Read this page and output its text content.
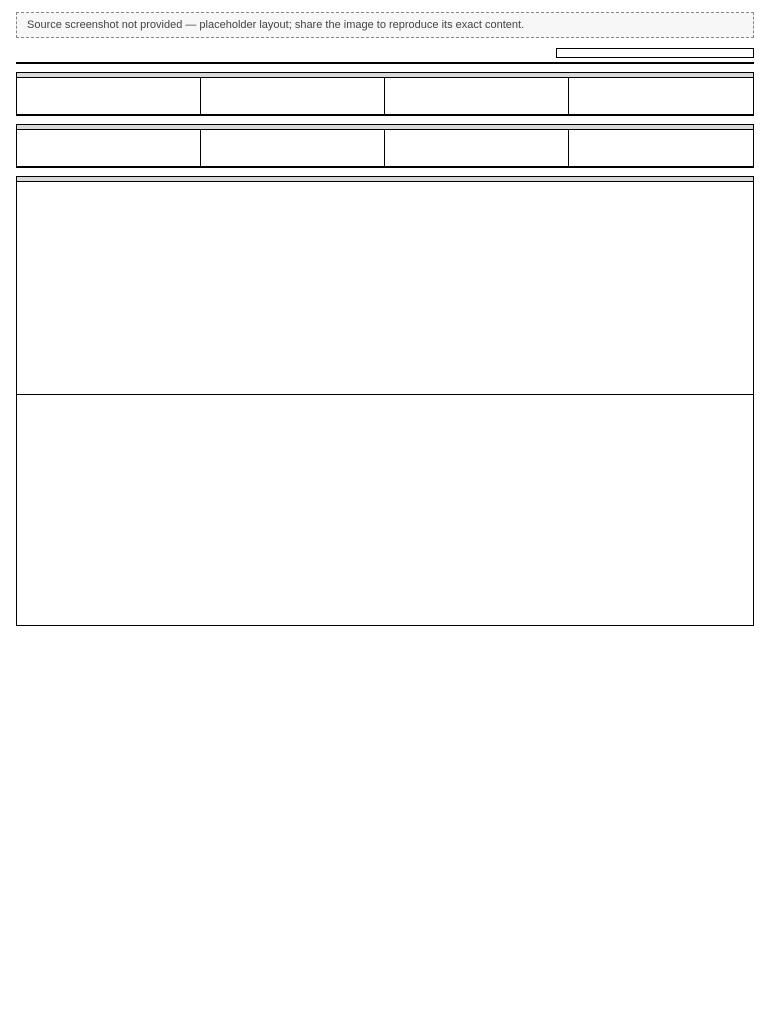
Source screenshot not provided — placeholder layout; share the image to reproduce its exact content.
